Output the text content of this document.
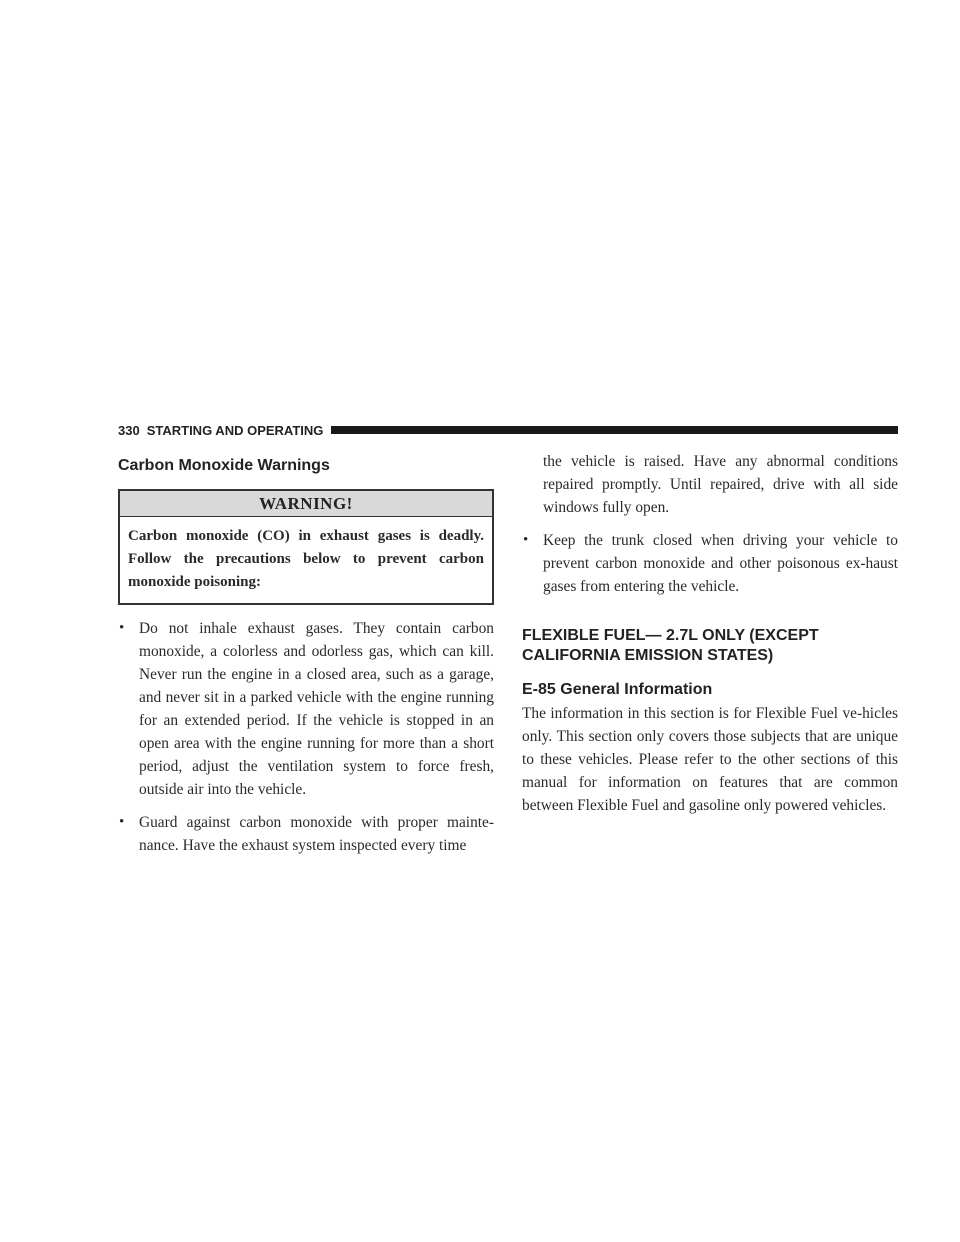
330 STARTING AND OPERATING
Carbon Monoxide Warnings
WARNING!
Carbon monoxide (CO) in exhaust gases is deadly. Follow the precautions below to prevent carbon monoxide poisoning:
• Do not inhale exhaust gases. They contain carbon monoxide, a colorless and odorless gas, which can kill. Never run the engine in a closed area, such as a garage, and never sit in a parked vehicle with the engine running for an extended period. If the vehicle is stopped in an open area with the engine running for more than a short period, adjust the ventilation system to force fresh, outside air into the vehicle.
• Guard against carbon monoxide with proper mainte-nance. Have the exhaust system inspected every time

the vehicle is raised. Have any abnormal conditions repaired promptly. Until repaired, drive with all side windows fully open.

• Keep the trunk closed when driving your vehicle to prevent carbon monoxide and other poisonous ex-haust gases from entering the vehicle.
FLEXIBLE FUEL— 2.7L ONLY (EXCEPT CALIFORNIA EMISSION STATES)
E-85 General Information

The information in this section is for Flexible Fuel ve-hicles only. This section only covers those subjects that are unique to these vehicles. Please refer to the other sections of this manual for information on features that are common between Flexible Fuel and gasoline only powered vehicles.
